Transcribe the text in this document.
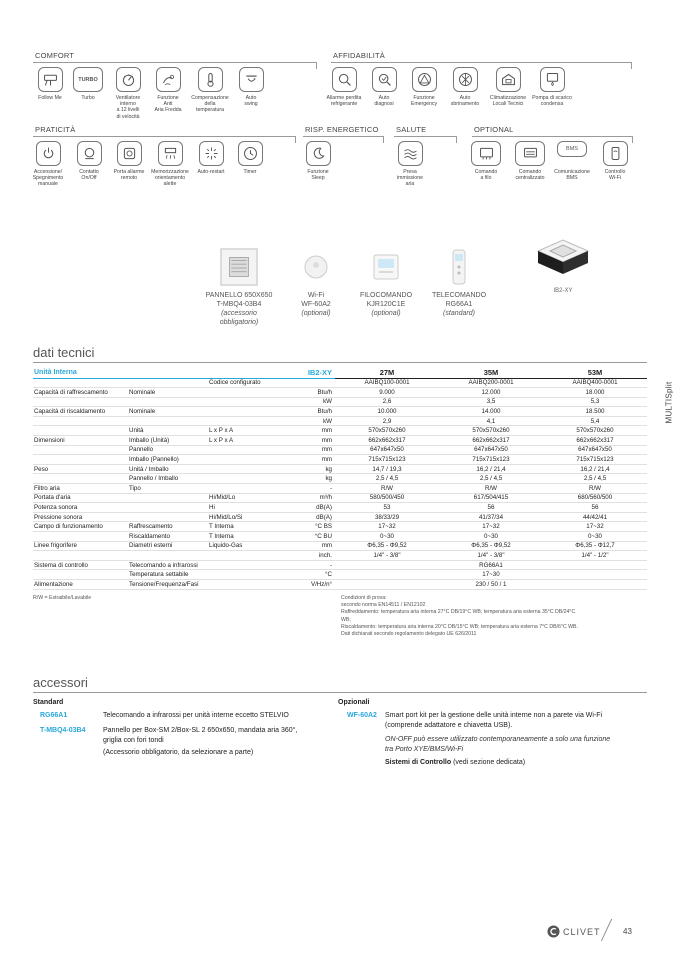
COMFORT	AFFIDABILITÀ
PRATICITÀ	RISP. ENERGETICO SALUTE	OPTIONAL
Follow Me
TURBO
Turbo	Ventilatore
interno
a 12 livelli
di velocità
Funzione
Anti
Aria Fredda
Compensazione
della
temperatura
Auto
swing
Allarme perdita
refrigerante
Auto
diagnosi
Funzione
Emergency
Auto
sbrinamento
Climatizzazione
Locali Tecnici
Pompa di scarico
condensa
Accensione/
Spegnimento
manuale
Contatto
On/Off
Porta allarme
remoto
Memorizzazione
orientamento
alette
Auto-restart	Timer	Funzione
Sleep
Presa
immissione
aria
Comando
a filo
Comando
centralizzato
BMS
Comunicazione
BMS
Controllo
Wi-Fi
PANNELLO 650X650
T-MBQ4-03B4
(accessorio
obbligatorio)
Wi-Fi
WF-60A2
(optional)
FILOCOMANDO
KJR120C1E
(optional)
TELECOMANDO
RG66A1
(standard)
IB2-XY
dati tecnici
Unità Interna			IB2-XY	27M	35M	53M
		Codice configurato		AAIBQ100-0001	AAIBQ200-0001	AAIBQ400-0001
Capacità di raffrescamento	Nominale		Btu/h	9.000	12.000	18.000
			kW	2,6	3,5	5,3
Capacità di riscaldamento	Nominale		Btu/h	10.000	14.000	18.500
			kW	2,9	4,1	5,4
	Unità	L x P x A	mm	570x570x260	570x570x260	570x570x260
Dimensioni	Imballo (Unità)	L x P x A	mm	662x662x317	662x662x317	662x662x317
	Pannello		mm	647x647x50	647x647x50	647x647x50
	Imballo (Pannello)		mm	715x715x123	715x715x123	715x715x123
Peso	Unità / Imballo		kg	14,7 / 19,3	16,2 / 21,4	16,2 / 21,4
	Pannello / Imballo		kg	2,5 / 4,5	2,5 / 4,5	2,5 / 4,5
Filtro aria	Tipo		-	R/W	R/W	R/W
Portata d'aria		Hi/Mid/Lo	m³/h	580/500/450	617/504/415	680/560/500
Potenza sonora		Hi	dB(A)	53	56	56
Pressione sonora		Hi/Mid/Lo/Si	dB(A)	38/33/29	41/37/34	44/42/41
Campo di funzionamento	Raffrescamento	T Interna	°C BS	17~32	17~32	17~32
	Riscaldamento	T Interna	°C BU	0~30	0~30	0~30
Linee frigorifere	Diametri esterni	Liquido-Gas	mm	Φ6,35 - Φ9,52	Φ6,35 - Φ9,52	Φ6,35 - Φ12,7
			inch.	1/4" - 3/8"	1/4" - 3/8"	1/4" - 1/2"
Sistema di controllo	Telecomando a infrarossi		-	RG66A1		
	Temperatura settabile		°C	17~30		
Alimentazione	Tensione/Frequenza/Fasi		V/Hz/n°	230 / 50 / 1		
R/W = Estraibile/Lavabile	Condizioni di prova:
secondo norma EN14511 / EN12102
Raffreddamento: temperatura aria interna 27°C DB/19°C WB; temperatura aria esterna 35°C DB/24°C
WB;
Riscaldamento: temperatura aria interna 20°C DB/15°C WB; temperatura aria esterna 7°C DB/6°C WB.
Dati dichiarati secondo regolamento delegato UE 626/2011
accessori
Standard
RG66A1	Telecomando a infrarossi per unità interne eccetto STELVIO
T-MBQ4-03B4 Pannello per Box-SM 2/Box-SL 2 650x650, mandata aria 360°,
griglia con fori tondi
(Accessorio obbligatorio, da selezionare a parte)
Opzionali
WF-60A2 Smart port kit per la gestione delle unità interne non a parete via Wi-Fi
(comprende adattatore e chiavetta USB).
ON-OFF può essere utilizzato contemporaneamente a solo una funzione
tra Porto XYE/BMS/Wi-Fi
Sistemi di Controllo (vedi sezione dedicata)
MULTISplit
CLIVET	43
